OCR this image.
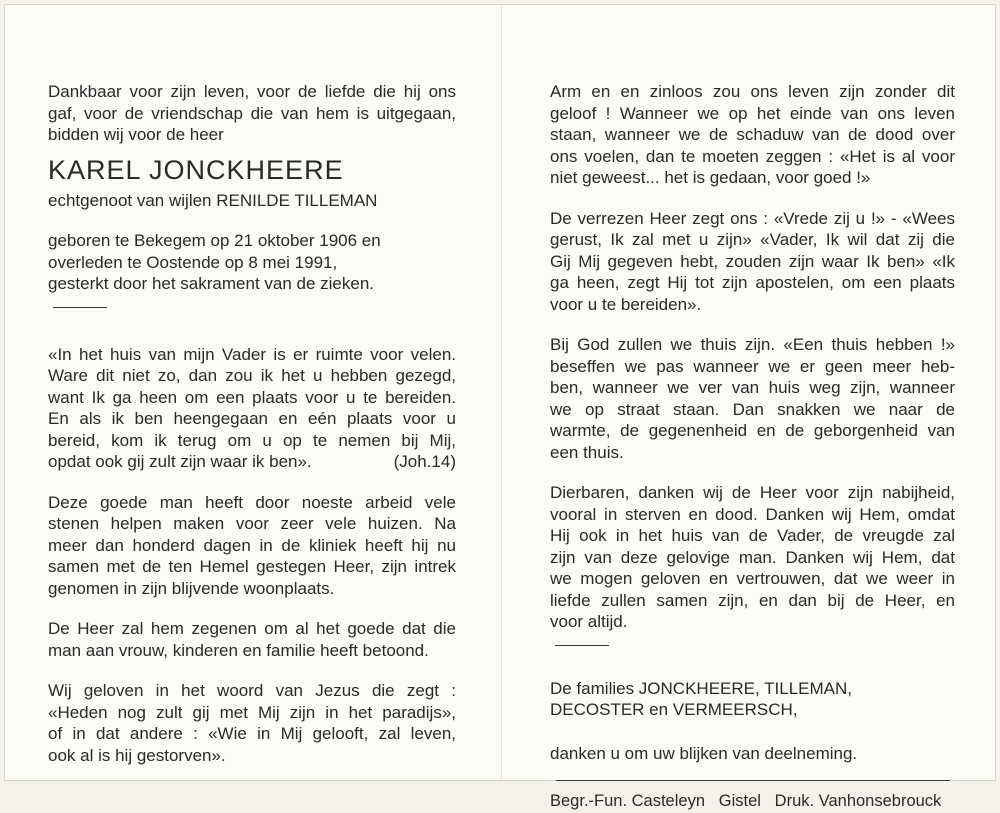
Dankbaar voor zijn leven, voor de liefde die hij ons
gaf, voor de vriendschap die van hem is uitgegaan,
bidden wij voor de heer
KAREL JONCKHEERE
echtgenoot van wijlen RENILDE TILLEMAN
geboren te Bekegem op 21 oktober 1906 en
overleden te Oostende op 8 mei 1991,
gesterkt door het sakrament van de zieken.
«In het huis van mijn Vader is er ruimte voor velen.
Ware dit niet zo, dan zou ik het u hebben gezegd,
want Ik ga heen om een plaats voor u te bereiden.
En als ik ben heengegaan en eén plaats voor u
bereid, kom ik terug om u op te nemen bij Mij,
opdat ook gij zult zijn waar ik ben».	(Joh.14)
Deze goede man heeft door noeste arbeid vele
stenen helpen maken voor zeer vele huizen. Na
meer dan honderd dagen in de kliniek heeft hij nu
samen met de ten Hemel gestegen Heer, zijn intrek
genomen in zijn blijvende woonplaats.
De Heer zal hem zegenen om al het goede dat die
man aan vrouw, kinderen en familie heeft betoond.
Wij geloven in het woord van Jezus die zegt :
«Heden nog zult gij met Mij zijn in het paradijs»,
of in dat andere : «Wie in Mij gelooft, zal leven,
ook al is hij gestorven».
Arm en en zinloos zou ons leven zijn zonder dit
geloof ! Wanneer we op het einde van ons leven
staan, wanneer we de schaduw van de dood over
ons voelen, dan te moeten zeggen : «Het is al voor
niet geweest... het is gedaan, voor goed !»
De verrezen Heer zegt ons : «Vrede zij u !» - «Wees
gerust, Ik zal met u zijn» «Vader, Ik wil dat zij die
Gij Mij gegeven hebt, zouden zijn waar Ik ben» «Ik
ga heen, zegt Hij tot zijn apostelen, om een plaats
voor u te bereiden».
Bij God zullen we thuis zijn. «Een thuis hebben !»
beseffen we pas wanneer we er geen meer heb-
ben, wanneer we ver van huis weg zijn, wanneer
we op straat staan. Dan snakken we naar de
warmte, de gegenenheid en de geborgenheid van
een thuis.
Dierbaren, danken wij de Heer voor zijn nabijheid,
vooral in sterven en dood. Danken wij Hem, omdat
Hij ook in het huis van de Vader, de vreugde zal
zijn van deze gelovige man. Danken wij Hem, dat
we mogen geloven en vertrouwen, dat we weer in
liefde zullen samen zijn, en dan bij de Heer, en
voor altijd.
De families JONCKHEERE, TILLEMAN,
DECOSTER en VERMEERSCH,
danken u om uw blijken van deelneming.
Begr.-Fun. Casteleyn   Gistel   Druk. Vanhonsebrouck
